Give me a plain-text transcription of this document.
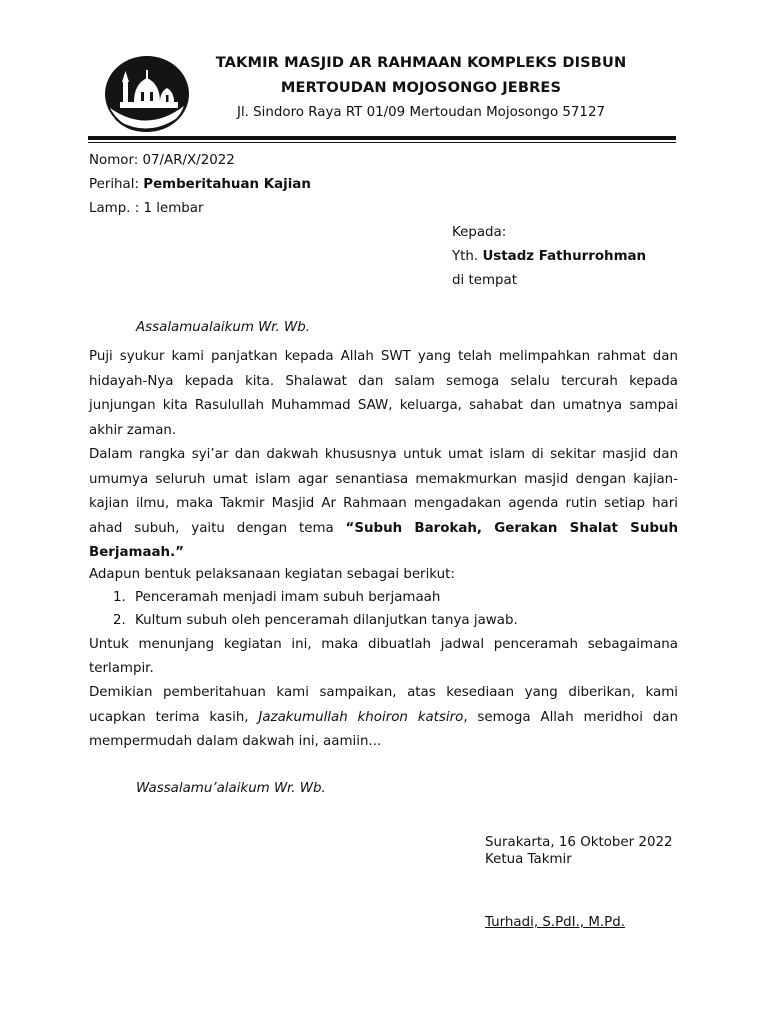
TAKMIR MASJID AR RAHMAAN KOMPLEKS DISBUN
MERTOUDAN MOJOSONGO JEBRES
Jl. Sindoro Raya RT 01/09 Mertoudan Mojosongo 57127
Nomor: 07/AR/X/2022
Perihal: Pemberitahuan Kajian
Lamp. : 1 lembar
Kepada:
Yth. Ustadz Fathurrohman
di tempat
Assalamualaikum Wr. Wb.

Puji syukur kami panjatkan kepada Allah SWT yang telah melimpahkan rahmat dan hidayah-Nya kepada kita. Shalawat dan salam semoga selalu tercurah kepada junjungan kita Rasulullah Muhammad SAW, keluarga, sahabat dan umatnya sampai akhir zaman.

Dalam rangka syi’ar dan dakwah khususnya untuk umat islam di sekitar masjid dan umumya seluruh umat islam agar senantiasa memakmurkan masjid dengan kajian-kajian ilmu, maka Takmir Masjid Ar Rahmaan mengadakan agenda rutin setiap hari ahad subuh, yaitu dengan tema “Subuh Barokah, Gerakan Shalat Subuh Berjamaah.”

Adapun bentuk pelaksanaan kegiatan sebagai berikut:
1. Penceramah menjadi imam subuh berjamaah
2. Kultum subuh oleh penceramah dilanjutkan tanya jawab.

Untuk menunjang kegiatan ini, maka dibuatlah jadwal penceramah sebagaimana terlampir.

Demikian pemberitahuan kami sampaikan, atas kesediaan yang diberikan, kami ucapkan terima kasih, Jazakumullah khoiron katsiro, semoga Allah meridhoi dan mempermudah dalam dakwah ini, aamiin...

Wassalamu’alaikum Wr. Wb.
Surakarta, 16 Oktober 2022
Ketua Takmir
Turhadi, S.PdI., M.Pd.
